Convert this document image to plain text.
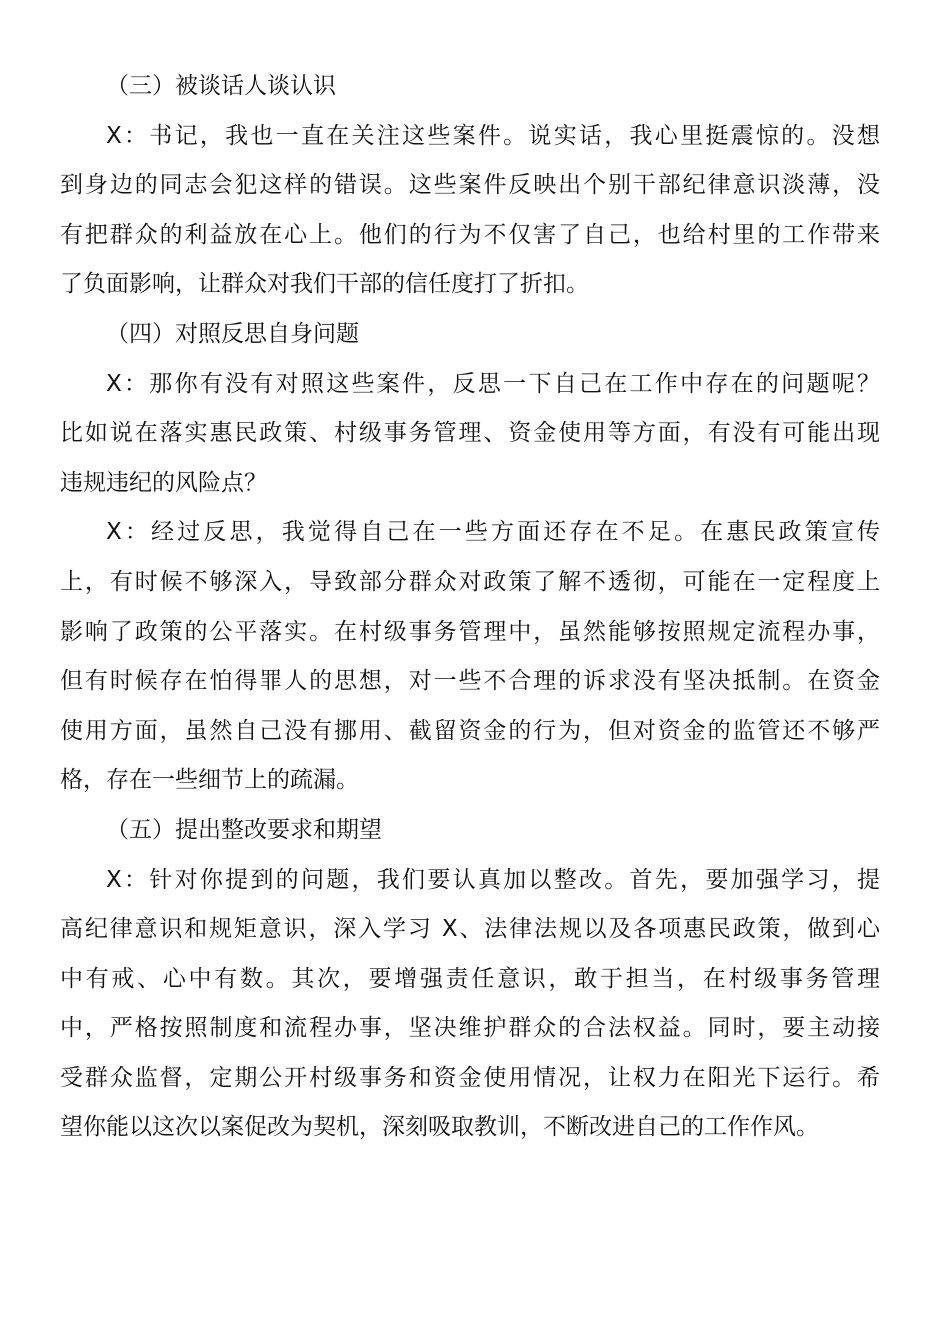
（三）被谈话人谈认识
X：书记，我也一直在关注这些案件。说实话，我心里挺震惊的。没想
到身边的同志会犯这样的错误。这些案件反映出个别干部纪律意识淡薄，没
有把群众的利益放在心上。他们的行为不仅害了自己，也给村里的工作带来
了负面影响，让群众对我们干部的信任度打了折扣。
（四）对照反思自身问题
X：那你有没有对照这些案件，反思一下自己在工作中存在的问题呢？
比如说在落实惠民政策、村级事务管理、资金使用等方面，有没有可能出现
违规违纪的风险点？
X：经过反思，我觉得自己在一些方面还存在不足。在惠民政策宣传
上，有时候不够深入，导致部分群众对政策了解不透彻，可能在一定程度上
影响了政策的公平落实。在村级事务管理中，虽然能够按照规定流程办事，
但有时候存在怕得罪人的思想，对一些不合理的诉求没有坚决抵制。在资金
使用方面，虽然自己没有挪用、截留资金的行为，但对资金的监管还不够严
格，存在一些细节上的疏漏。
（五）提出整改要求和期望
X：针对你提到的问题，我们要认真加以整改。首先，要加强学习，提
高纪律意识和规矩意识，深入学习 X、法律法规以及各项惠民政策，做到心
中有戒、心中有数。其次，要增强责任意识，敢于担当，在村级事务管理
中，严格按照制度和流程办事，坚决维护群众的合法权益。同时，要主动接
受群众监督，定期公开村级事务和资金使用情况，让权力在阳光下运行。希
望你能以这次以案促改为契机，深刻吸取教训，不断改进自己的工作作风。
